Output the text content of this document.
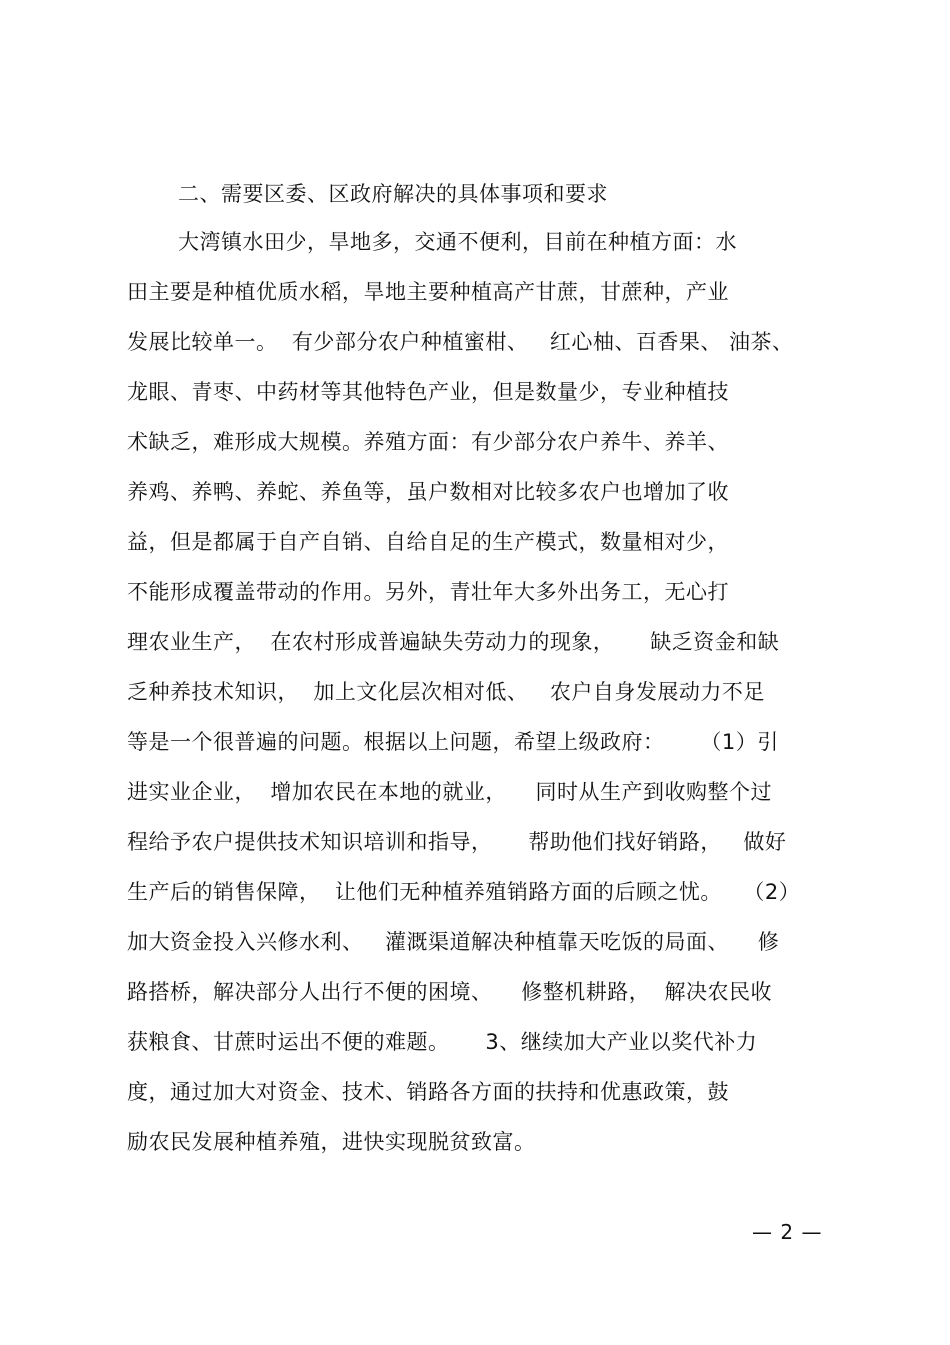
二、需要区委、区政府解决的具体事项和要求
大湾镇水田少，旱地多，交通不便利，目前在种植方面：水
田主要是种植优质水稻，旱地主要种植高产甘蔗，甘蔗种，产业
发展比较单一。  有少部分农户种植蜜柑、   红心柚、百香果、 油茶、
龙眼、青枣、中药材等其他特色产业，但是数量少，专业种植技
术缺乏，难形成大规模。养殖方面：有少部分农户养牛、养羊、
养鸡、养鸭、养蛇、养鱼等，虽户数相对比较多农户也增加了收
益，但是都属于自产自销、自给自足的生产模式，数量相对少，
不能形成覆盖带动的作用。另外，青壮年大多外出务工，无心打
理农业生产，  在农村形成普遍缺失劳动力的现象，     缺乏资金和缺
乏种养技术知识，  加上文化层次相对低、   农户自身发展动力不足
等是一个很普遍的问题。根据以上问题，希望上级政府：     （1）引
进实业企业，  增加农民在本地的就业，    同时从生产到收购整个过
程给予农户提供技术知识培训和指导，     帮助他们找好销路，   做好
生产后的销售保障，  让他们无种植养殖销路方面的后顾之忧。   （2）
加大资金投入兴修水利、   灌溉渠道解决种植靠天吃饭的局面、    修
路搭桥，解决部分人出行不便的困境、    修整机耕路，  解决农民收
获粮食、甘蔗时运出不便的难题。     3、继续加大产业以奖代补力
度，通过加大对资金、技术、销路各方面的扶持和优惠政策，鼓
励农民发展种植养殖，进快实现脱贫致富。
— 2 —
